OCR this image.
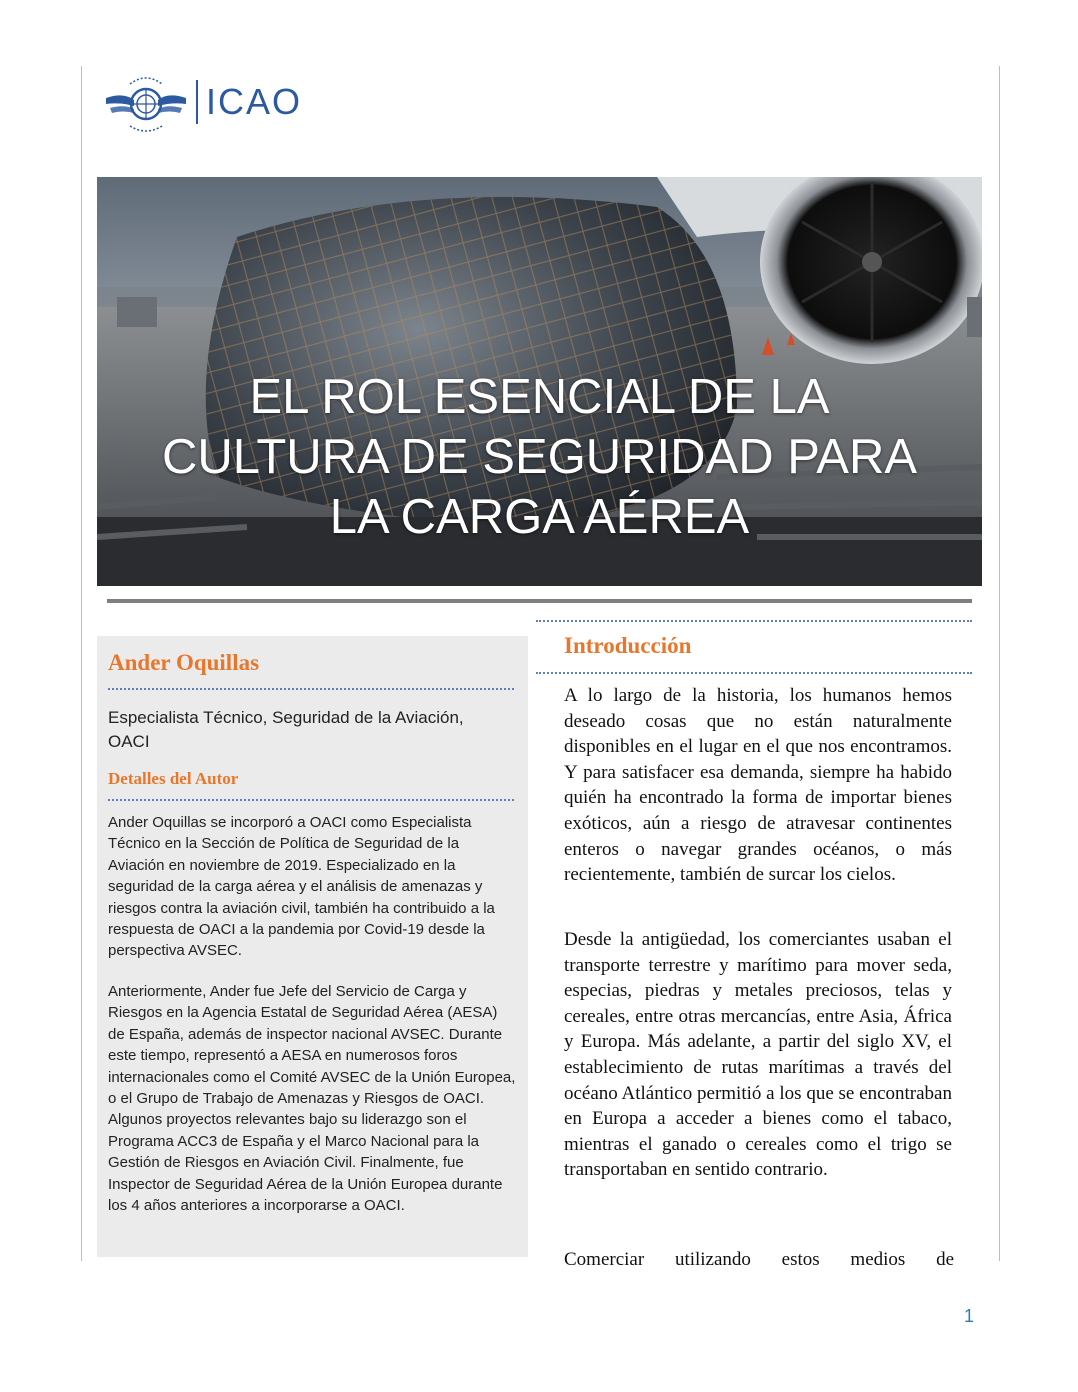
ICAO
EL ROL ESENCIAL DE LA
CULTURA DE SEGURIDAD PARA
LA CARGA AÉREA
Ander Oquillas

Especialista Técnico, Seguridad de la Aviación, OACI

Detalles del Autor

Ander Oquillas se incorporó a OACI como Especialista Técnico en la Sección de Política de Seguridad de la Aviación en noviembre de 2019. Especializado en la seguridad de la carga aérea y el análisis de amenazas y riesgos contra la aviación civil, también ha contribuido a la respuesta de OACI a la pandemia por Covid-19 desde la perspectiva AVSEC.

Anteriormente, Ander fue Jefe del Servicio de Carga y Riesgos en la Agencia Estatal de Seguridad Aérea (AESA) de España, además de inspector nacional AVSEC. Durante este tiempo, representó a AESA en numerosos foros internacionales como el Comité AVSEC de la Unión Europea, o el Grupo de Trabajo de Amenazas y Riesgos de OACI. Algunos proyectos relevantes bajo su liderazgo son el Programa ACC3 de España y el Marco Nacional para la Gestión de Riesgos en Aviación Civil. Finalmente, fue Inspector de Seguridad Aérea de la Unión Europea durante los 4 años anteriores a incorporarse a OACI.

Introducción

A lo largo de la historia, los humanos hemos deseado cosas que no están naturalmente disponibles en el lugar en el que nos encontramos. Y para satisfacer esa demanda, siempre ha habido quién ha encontrado la forma de importar bienes exóticos, aún a riesgo de atravesar continentes enteros o navegar grandes océanos, o más recientemente, también de surcar los cielos.

Desde la antigüedad, los comerciantes usaban el transporte terrestre y marítimo para mover seda, especias, piedras y metales preciosos, telas y cereales, entre otras mercancías, entre Asia, África y Europa. Más adelante, a partir del siglo XV, el establecimiento de rutas marítimas a través del océano Atlántico permitió a los que se encontraban en Europa a acceder a bienes como el tabaco, mientras el ganado o cereales como el trigo se transportaban en sentido contrario.

Comerciar utilizando estos medios de

1
